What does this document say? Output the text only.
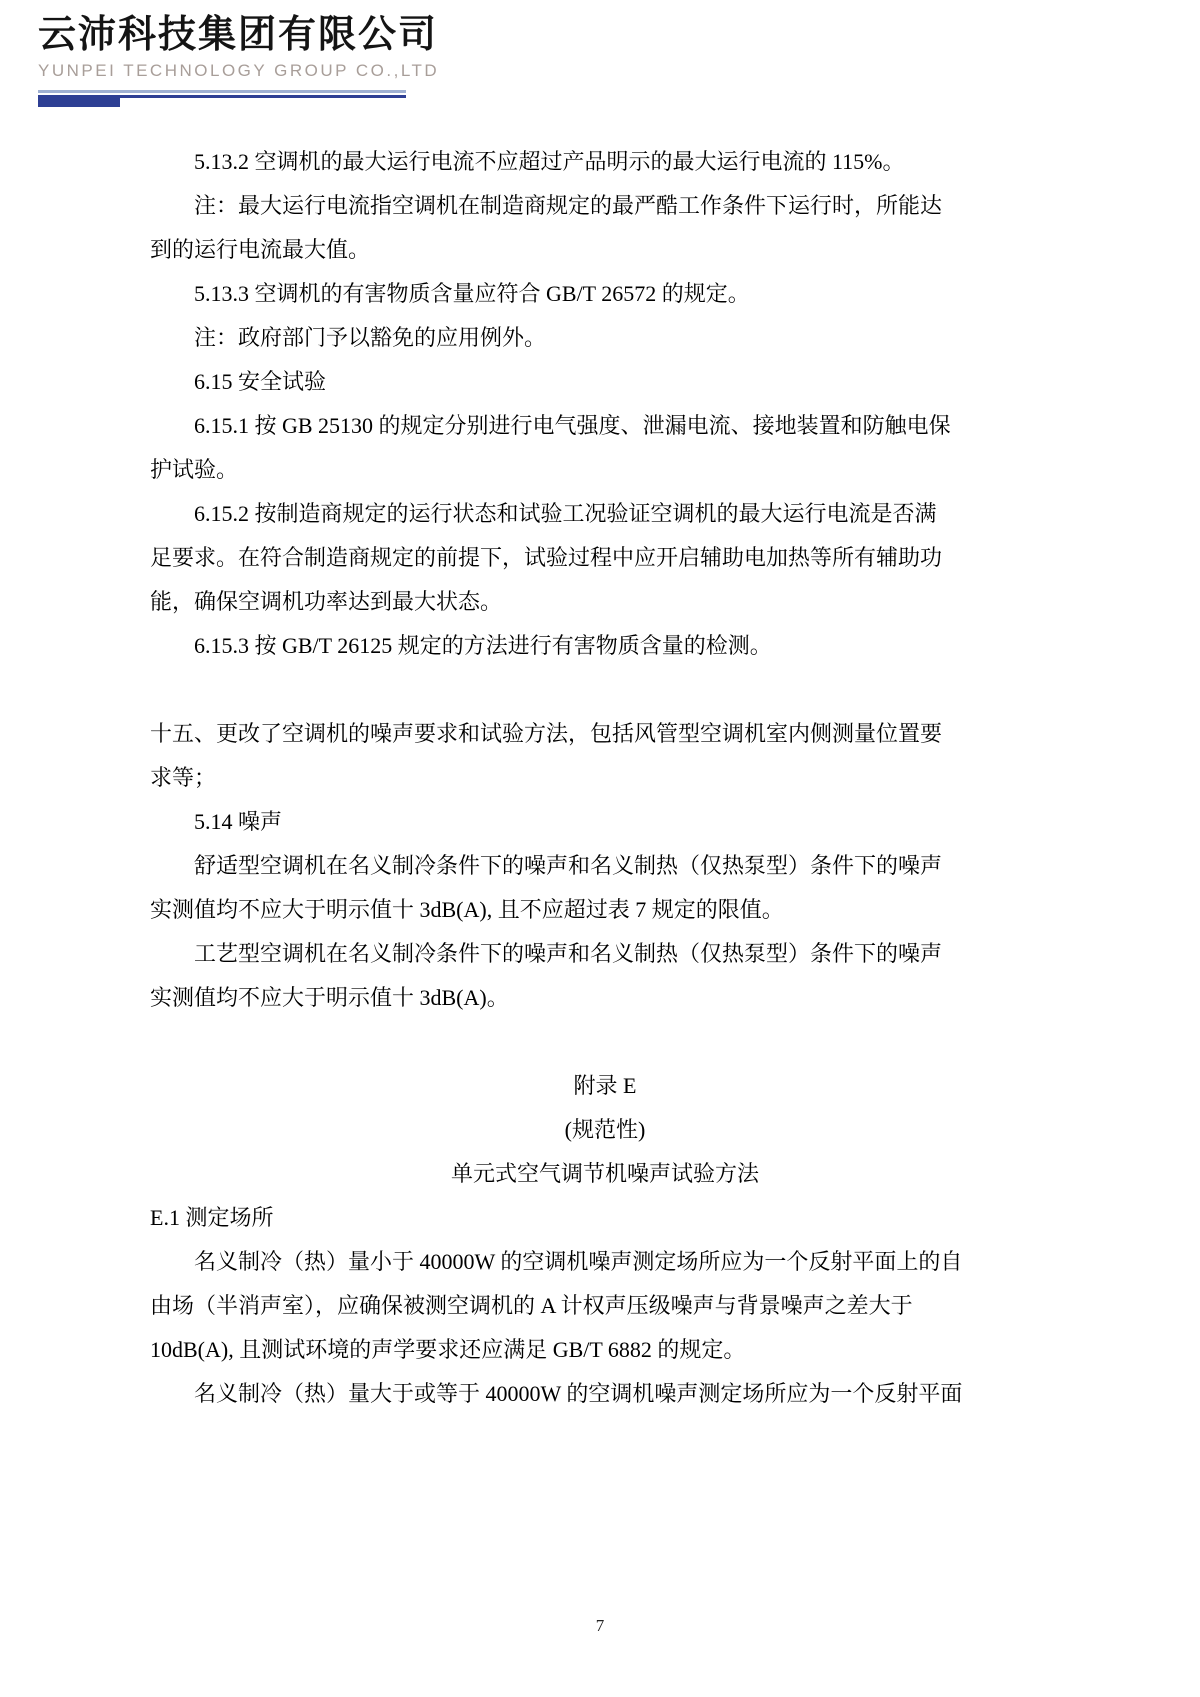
云沛科技集团有限公司
YUNPEI TECHNOLOGY GROUP CO.,LTD
5.13.2 空调机的最大运行电流不应超过产品明示的最大运行电流的 115%。
注：最大运行电流指空调机在制造商规定的最严酷工作条件下运行时，所能达
到的运行电流最大值。
5.13.3 空调机的有害物质含量应符合 GB/T 26572 的规定。
注：政府部门予以豁免的应用例外。
6.15 安全试验
6.15.1 按 GB 25130 的规定分别进行电气强度、泄漏电流、接地装置和防触电保
护试验。
6.15.2 按制造商规定的运行状态和试验工况验证空调机的最大运行电流是否满
足要求。在符合制造商规定的前提下，试验过程中应开启辅助电加热等所有辅助功
能，确保空调机功率达到最大状态。
6.15.3 按 GB/T 26125 规定的方法进行有害物质含量的检测。
十五、更改了空调机的噪声要求和试验方法，包括风管型空调机室内侧测量位置要
求等；
5.14 噪声
舒适型空调机在名义制冷条件下的噪声和名义制热（仅热泵型）条件下的噪声
实测值均不应大于明示值十 3dB(A), 且不应超过表 7 规定的限值。
工艺型空调机在名义制冷条件下的噪声和名义制热（仅热泵型）条件下的噪声
实测值均不应大于明示值十 3dB(A)。
附录 E
(规范性)
单元式空气调节机噪声试验方法
E.1 测定场所
名义制冷（热）量小于 40000W 的空调机噪声测定场所应为一个反射平面上的自
由场（半消声室），应确保被测空调机的 A 计权声压级噪声与背景噪声之差大于
10dB(A), 且测试环境的声学要求还应满足 GB/T 6882 的规定。
名义制冷（热）量大于或等于 40000W 的空调机噪声测定场所应为一个反射平面
7
